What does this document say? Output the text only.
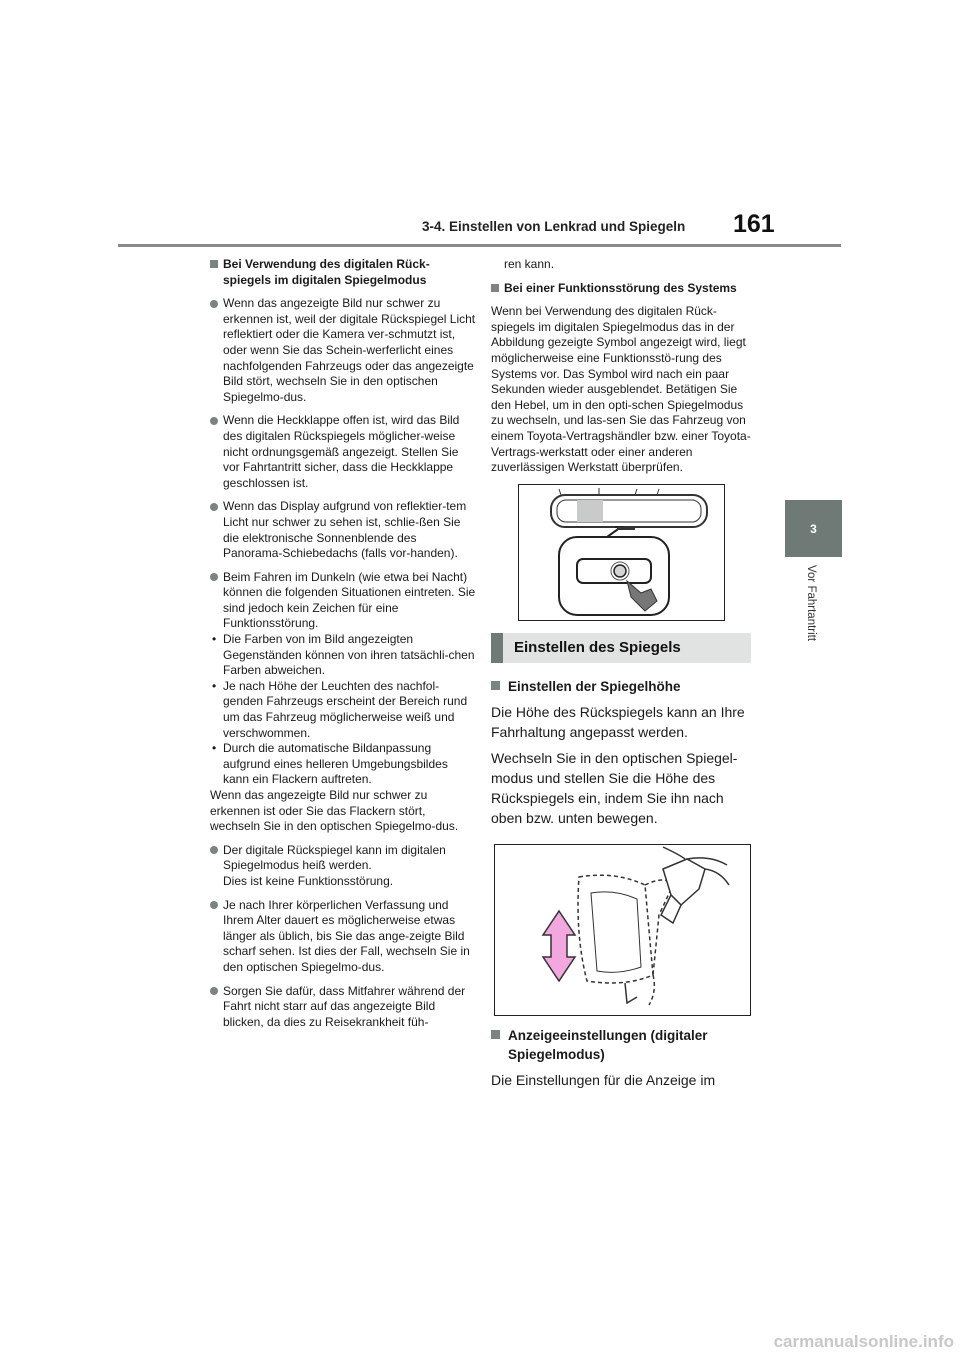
3-4. Einstellen von Lenkrad und Spiegeln 161
3
Vor Fahrtantritt

Bei Verwendung des digitalen Rück-spiegels im digitalen Spiegelmodus

Wenn das angezeigte Bild nur schwer zu erkennen ist, weil der digitale Rückspiegel Licht reflektiert oder die Kamera ver-schmutzt ist, oder wenn Sie das Schein-werferlicht eines nachfolgenden Fahrzeugs oder das angezeigte Bild stört, wechseln Sie in den optischen Spiegelmo-dus.

Wenn die Heckklappe offen ist, wird das Bild des digitalen Rückspiegels möglicher-weise nicht ordnungsgemäß angezeigt. Stellen Sie vor Fahrtantritt sicher, dass die Heckklappe geschlossen ist.

Wenn das Display aufgrund von reflektier-tem Licht nur schwer zu sehen ist, schlie-ßen Sie die elektronische Sonnenblende des Panorama-Schiebedachs (falls vor-handen).

Beim Fahren im Dunkeln (wie etwa bei Nacht) können die folgenden Situationen eintreten. Sie sind jedoch kein Zeichen für eine Funktionsstörung.

• Die Farben von im Bild angezeigten Gegenständen können von ihren tatsächli-chen Farben abweichen.

• Je nach Höhe der Leuchten des nachfol-genden Fahrzeugs erscheint der Bereich rund um das Fahrzeug möglicherweise weiß und verschwommen.

• Durch die automatische Bildanpassung aufgrund eines helleren Umgebungsbildes kann ein Flackern auftreten.

Wenn das angezeigte Bild nur schwer zu erkennen ist oder Sie das Flackern stört, wechseln Sie in den optischen Spiegelmo-dus.

Der digitale Rückspiegel kann im digitalen Spiegelmodus heiß werden.
Dies ist keine Funktionsstörung.

Je nach Ihrer körperlichen Verfassung und Ihrem Alter dauert es möglicherweise etwas länger als üblich, bis Sie das ange-zeigte Bild scharf sehen. Ist dies der Fall, wechseln Sie in den optischen Spiegelmo-dus.

Sorgen Sie dafür, dass Mitfahrer während der Fahrt nicht starr auf das angezeigte Bild blicken, da dies zu Reisekrankheit füh-

ren kann.

Bei einer Funktionsstörung des Systems

Wenn bei Verwendung des digitalen Rück-spiegels im digitalen Spiegelmodus das in der Abbildung gezeigte Symbol angezeigt wird, liegt möglicherweise eine Funktionsstö-rung des Systems vor. Das Symbol wird nach ein paar Sekunden wieder ausgeblendet. Betätigen Sie den Hebel, um in den opti-schen Spiegelmodus zu wechseln, und las-sen Sie das Fahrzeug von einem Toyota-Vertragshändler bzw. einer Toyota-Vertrags-werkstatt oder einer anderen zuverlässigen Werkstatt überprüfen.

Einstellen des Spiegels

Einstellen der Spiegelhöhe

Die Höhe des Rückspiegels kann an Ihre Fahrhaltung angepasst werden.

Wechseln Sie in den optischen Spiegel-modus und stellen Sie die Höhe des Rückspiegels ein, indem Sie ihn nach oben bzw. unten bewegen.

Anzeigeeinstellungen (digitaler Spiegelmodus)

Die Einstellungen für die Anzeige im

carmanualsonline.info
